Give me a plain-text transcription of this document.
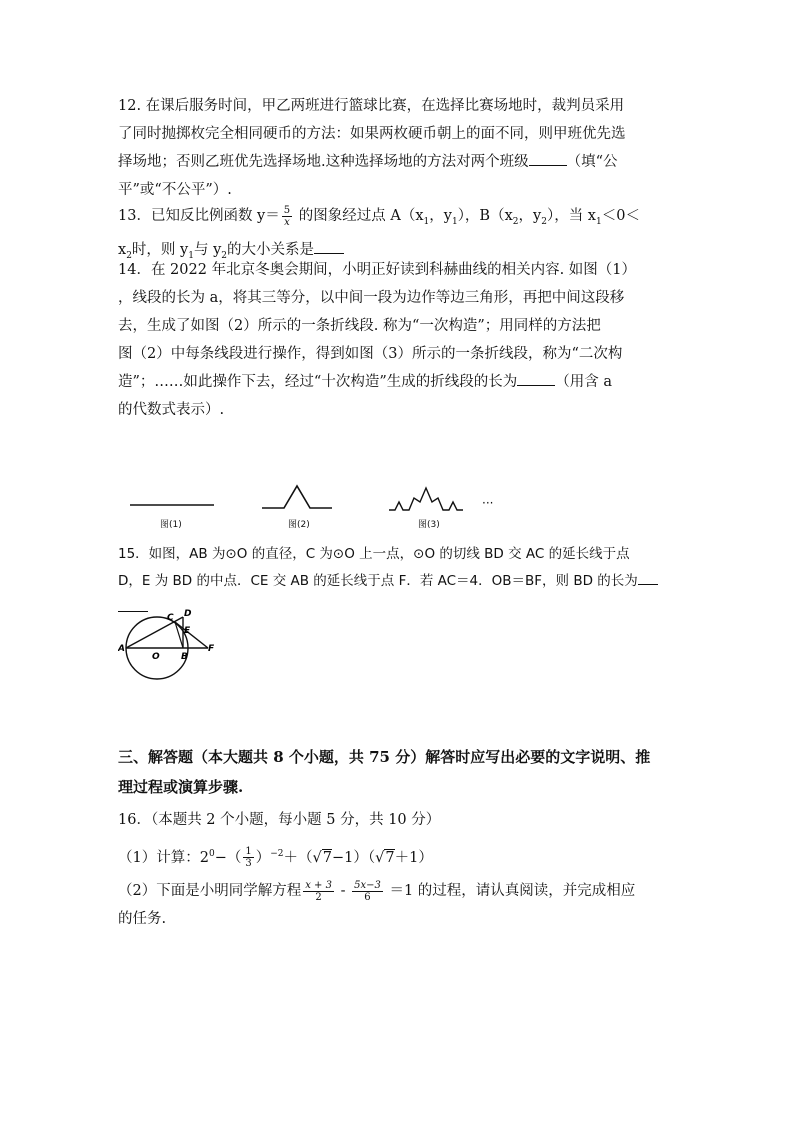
12. 在课后服务时间，甲乙两班进行篮球比赛，在选择比赛场地时，裁判员采用
了同时抛掷枚完全相同硬币的方法：如果两枚硬币朝上的面不同，则甲班优先选
择场地；否则乙班优先选择场地.这种选择场地的方法对两个班级	（填“公
平”或“不公平”）.
13．已知反比例函数 $y= \frac{5}{x}$ 的图象经过点 $A(x_1$，$y_1$），$B(x_2$，$y_2$），当 $x_1<0<$
$x_2$时，则 $y_1$与 $y_2$的大小关系是
14．在 2022 年北京冬奥会期间，小明正好读到科赫曲线的相关内容. 如图（1）
，线段的长为 a，将其三等分，以中间一段为边作等边三角形，再把中间这段移
去，生成了如图（2）所示的一条折线段. 称为“一次构造”；用同样的方法把
图（2）中每条线段进行操作，得到如图（3）所示的一条折线段，称为“二次构
造”；……如此操作下去，经过“十次构造”生成的折线段的长为	（用含 a
的代数式表示）.
图(1)	图(2)	图(3)
···
15．如图，AB 为⊙O 的直径，C 为⊙O 上一点，⊙O 的切线 BD 交 AC 的延长线于点
D，E 为 BD 的中点．CE 交 AB 的延长线于点 F．若 AC＝4．OB＝BF，则 BD 的长为
A
O B
F
C D
E
三、解答题（本大题共 8 个小题，共 75 分）解答时应写出必要的文字说明、推
理过程或演算步骤.
16．（本题共 2 个小题，每小题 5 分，共 10 分）
（1）计算：$2^0-( \frac{1}{3} )^{-2}+(√7-1)(√7+1)$
（2）下面是小明同学解方程 $\frac{x + 3}{2} - \frac{5x-3}{6} =1$ 的过程，请认真阅读，并完成相应
的任务.
